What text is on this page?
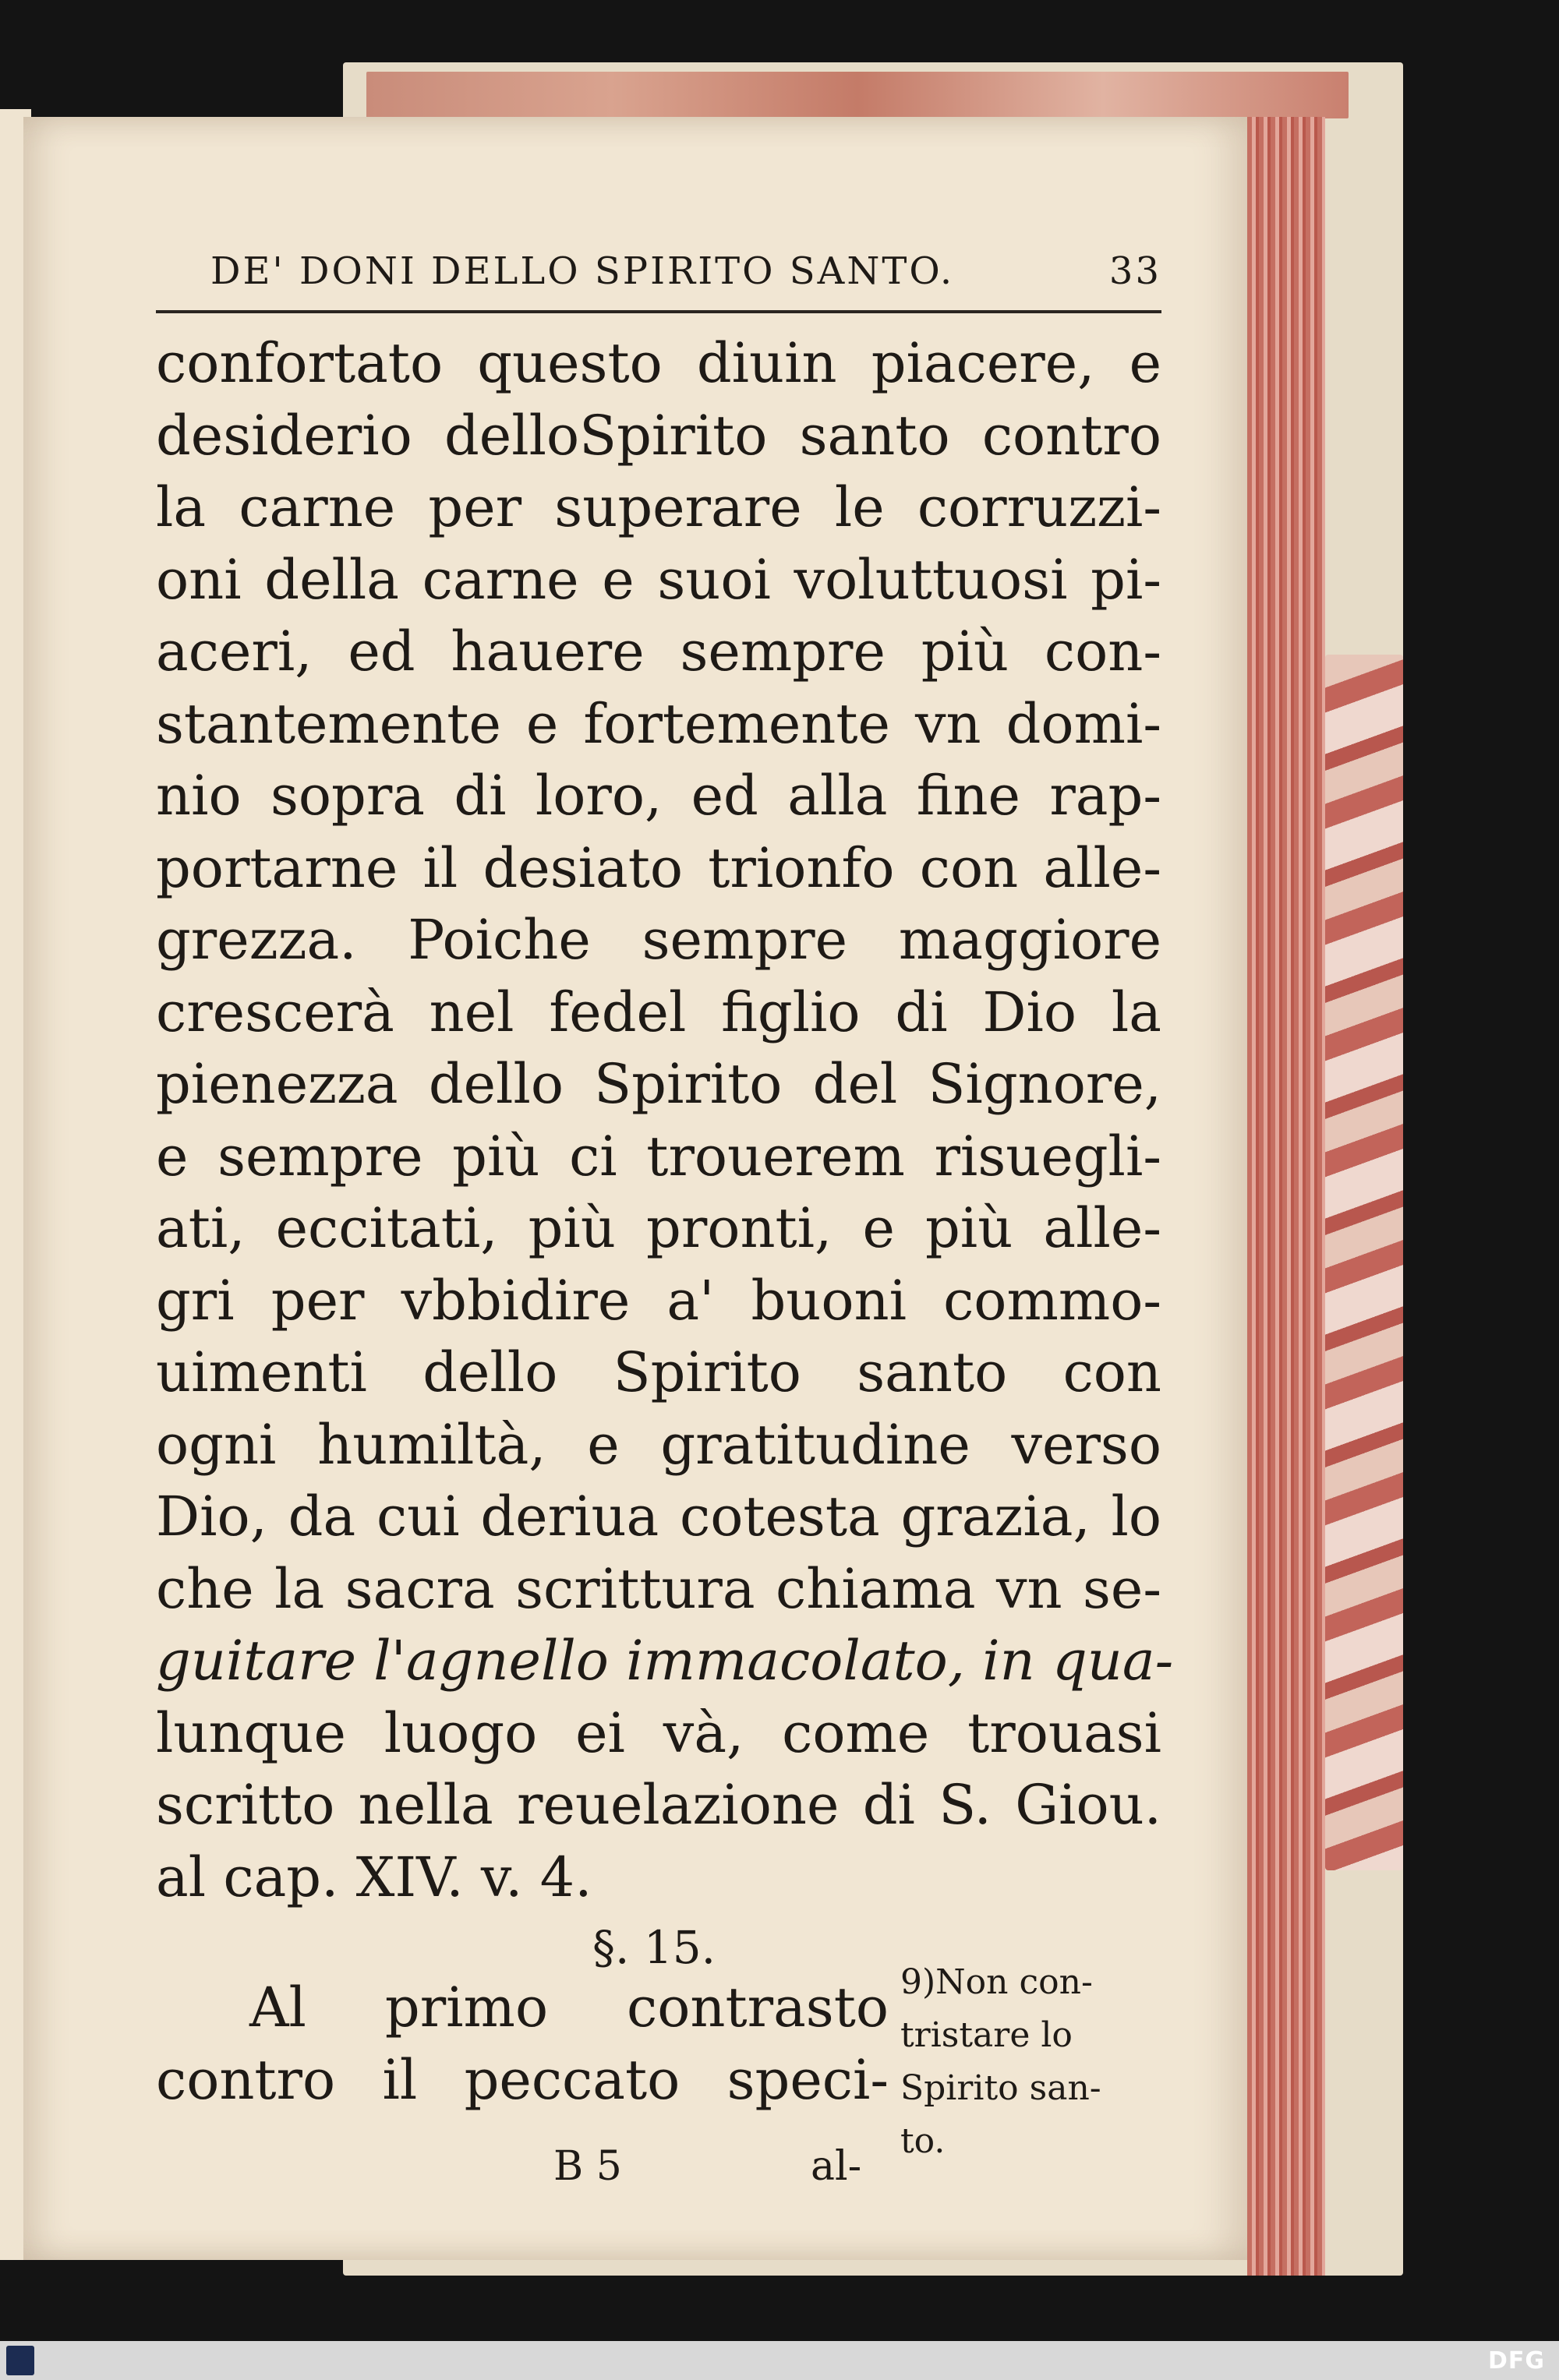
DE' DONI DELLO SPIRITO SANTO.	33
confortato questo diuin piacere, e
desiderio delloSpirito santo contro
la carne per superare le corruzzi-
oni della carne e suoi voluttuosi pi-
aceri, ed hauere sempre più con-
stantemente e fortemente vn domi-
nio sopra di loro, ed alla fine rap-
portarne il desiato trionfo con alle-
grezza. Poiche sempre maggiore
crescerà nel fedel figlio di Dio la
pienezza dello Spirito del Signore,
e sempre più ci trouerem risuegli-
ati, eccitati, più pronti, e più alle-
gri per vbbidire a' buoni commo-
uimenti dello Spirito santo con
ogni humiltà, e gratitudine verso
Dio, da cui deriua cotesta grazia, lo
che la sacra scrittura chiama vn se-
guitare l'agnello immacolato, in qua-
lunque luogo ei và, come trouasi
scritto nella reuelazione di S. Giou.
al cap. XIV. v. 4.
§. 15.
Al primo contrasto
contro il peccato speci-
9)Non con-
tristare lo
Spirito san-
to.
B 5	al-
DFG
